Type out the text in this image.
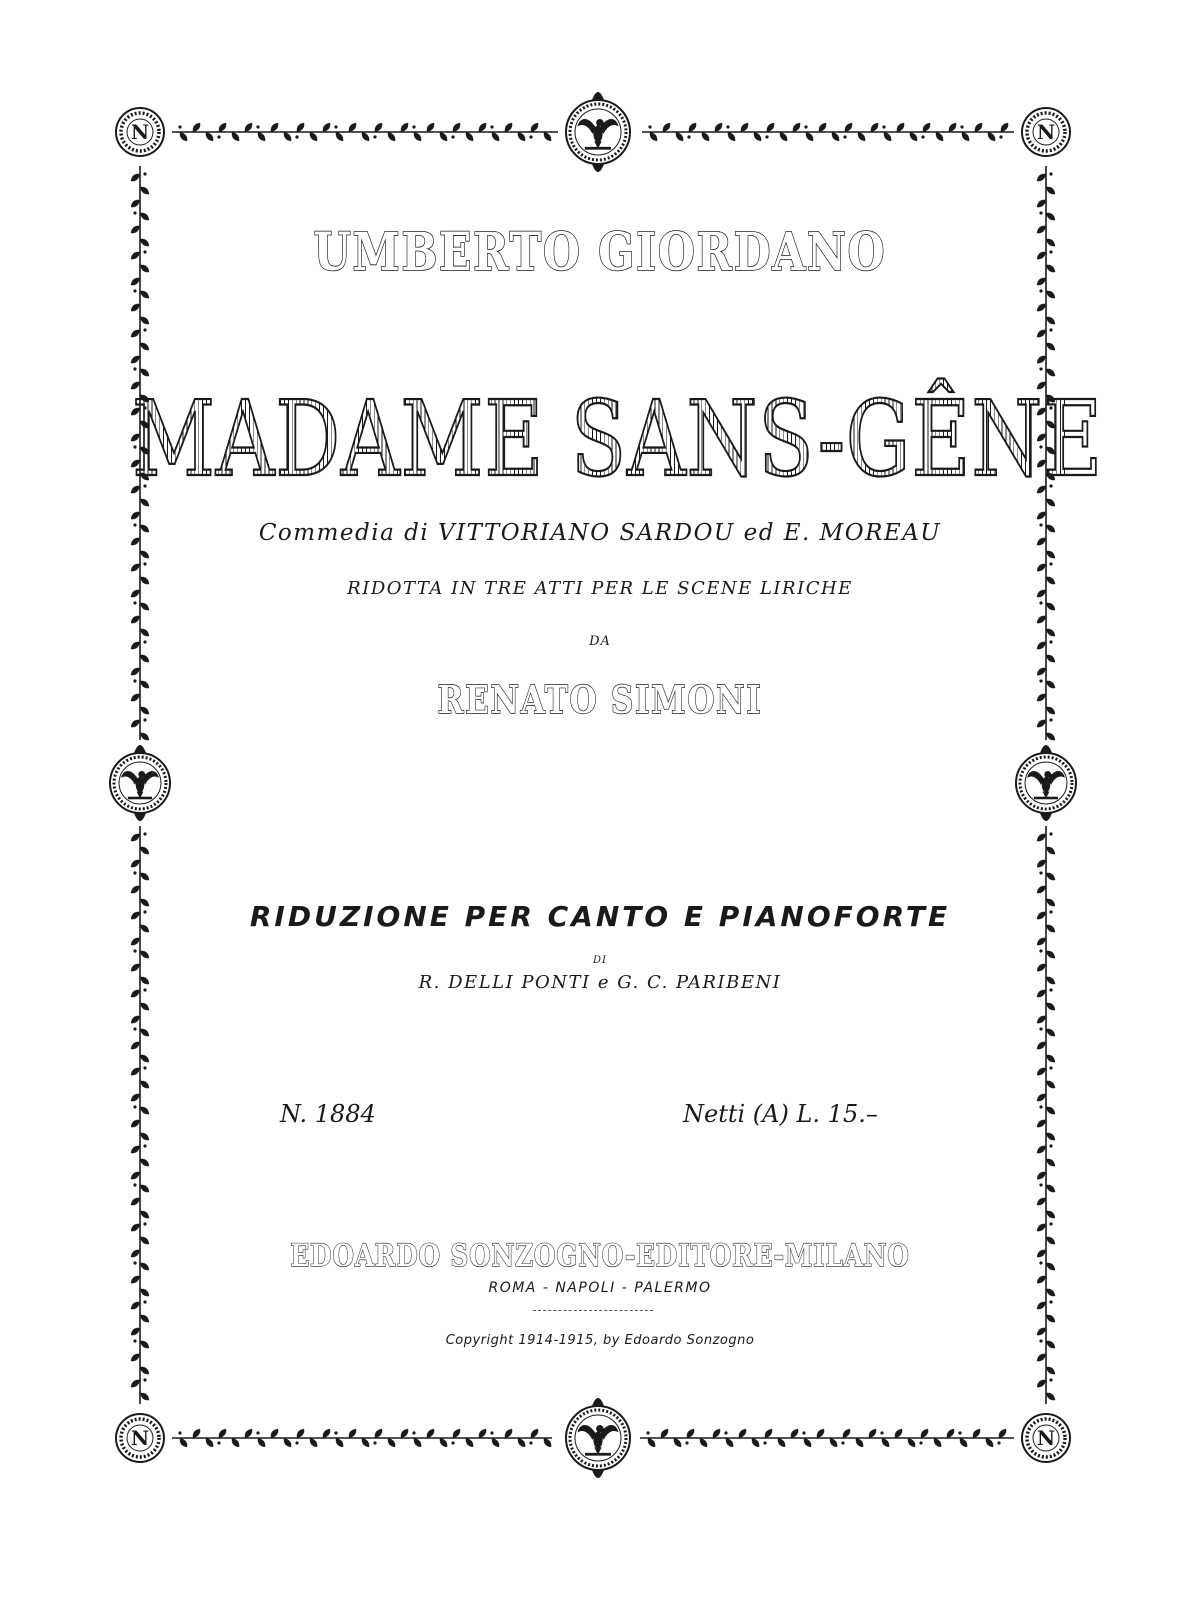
N	N
N	N
UMBERTO GIORDANO
MADAME SANS-GÊNE
Commedia di VITTORIANO SARDOU ed E. MOREAU
RIDOTTA IN TRE ATTI PER LE SCENE LIRICHE
DA
RENATO SIMONI
RIDUZIONE PER CANTO E PIANOFORTE
DI
R. DELLI PONTI e G. C. PARIBENI
N. 1884	Netti (A) L. 15.–
EDOARDO SONZOGNO-EDITORE-MILANO
ROMA - NAPOLI - PALERMO
Copyright 1914-1915, by Edoardo Sonzogno
